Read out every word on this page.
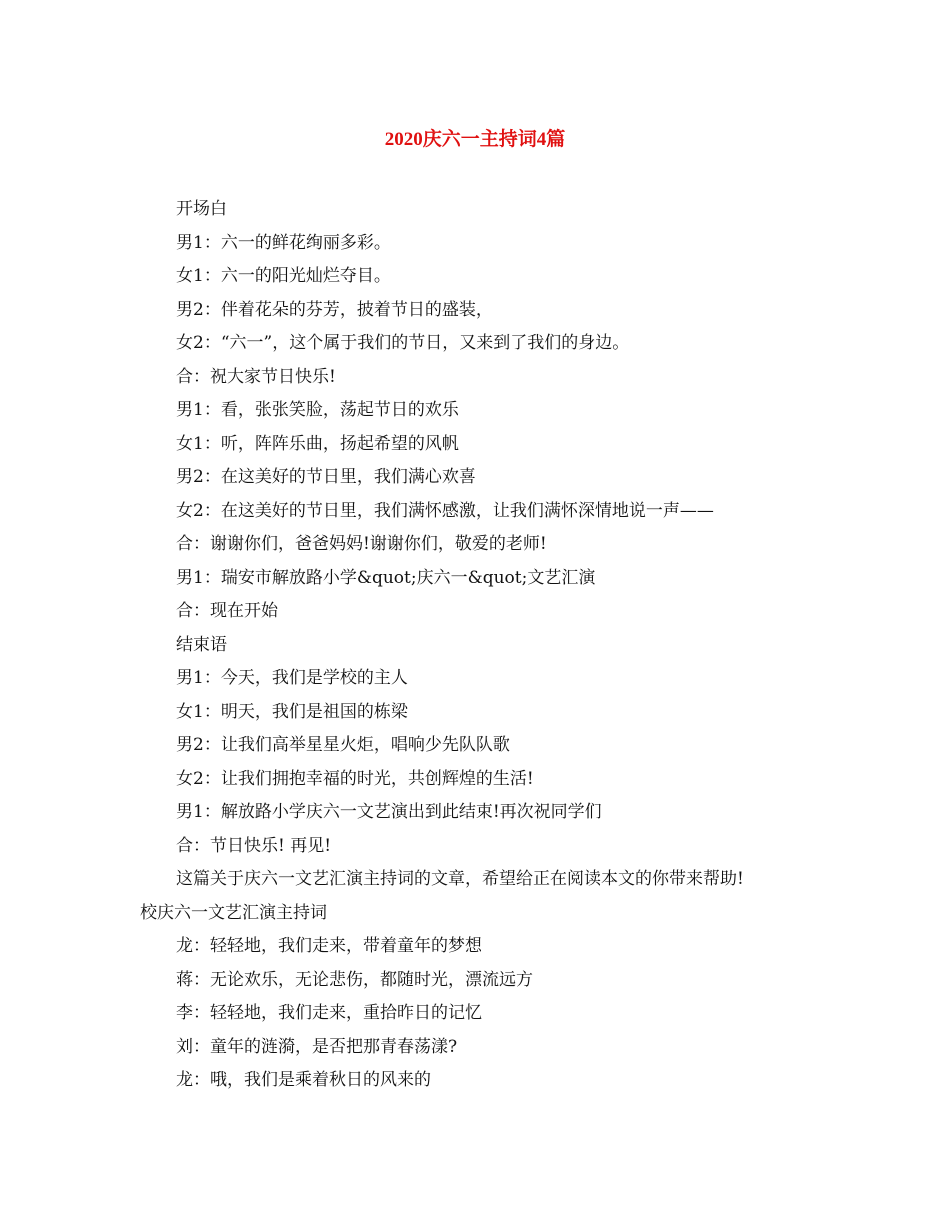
2020庆六一主持词4篇
开场白
男1：六一的鲜花绚丽多彩。
女1：六一的阳光灿烂夺目。
男2：伴着花朵的芬芳，披着节日的盛装，
女2：“六一”，这个属于我们的节日，又来到了我们的身边。
合：祝大家节日快乐!
男1：看，张张笑脸，荡起节日的欢乐
女1：听，阵阵乐曲，扬起希望的风帆
男2：在这美好的节日里，我们满心欢喜
女2：在这美好的节日里，我们满怀感激，让我们满怀深情地说一声——
合：谢谢你们，爸爸妈妈!谢谢你们，敬爱的老师!
男1：瑞安市解放路小学&quot;庆六一&quot;文艺汇演
合：现在开始
结束语
男1：今天，我们是学校的主人
女1：明天，我们是祖国的栋梁
男2：让我们高举星星火炬，唱响少先队队歌
女2：让我们拥抱幸福的时光，共创辉煌的生活!
男1：解放路小学庆六一文艺演出到此结束!再次祝同学们
合：节日快乐! 再见!
这篇关于庆六一文艺汇演主持词的文章，希望给正在阅读本文的你带来帮助!
校庆六一文艺汇演主持词
龙：轻轻地，我们走来，带着童年的梦想
蒋：无论欢乐，无论悲伤，都随时光，漂流远方
李：轻轻地，我们走来，重拾昨日的记忆
刘：童年的涟漪，是否把那青春荡漾?
龙：哦，我们是乘着秋日的风来的
